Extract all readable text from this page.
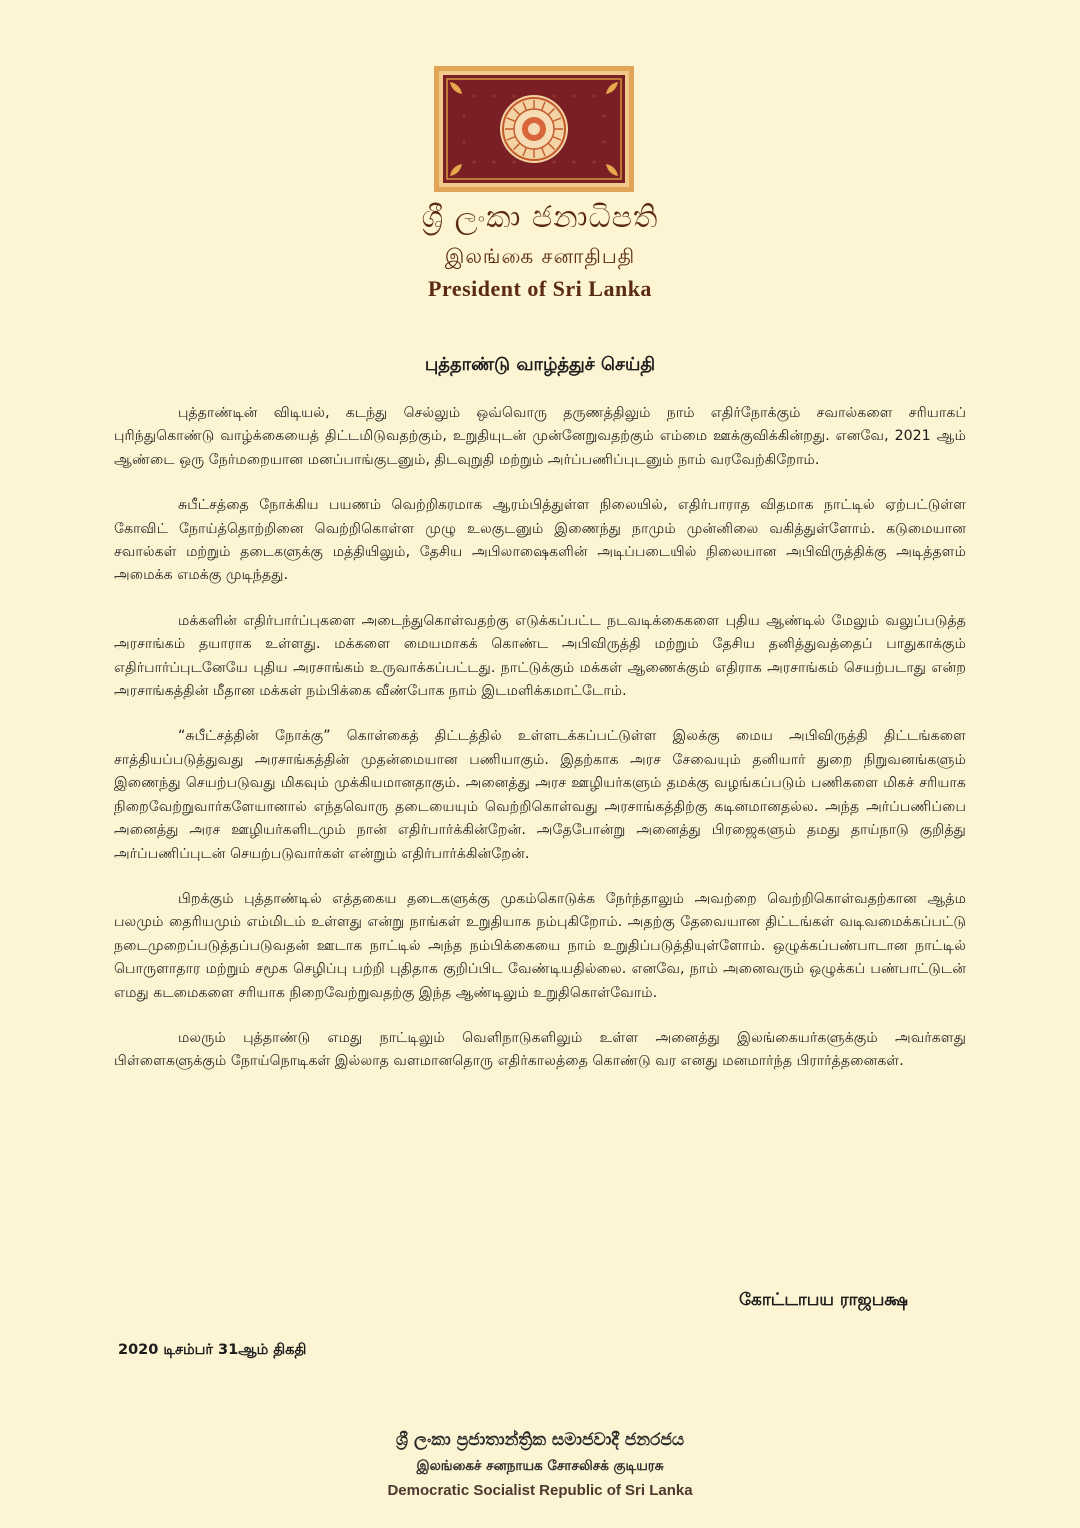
ශ්‍රී ලංකා ජනාධිපති
இலங்கை சனாதிபதி
President of Sri Lanka
புத்தாண்டு வாழ்த்துச் செய்தி

புத்தாண்டின் விடியல், கடந்து செல்லும் ஒவ்வொரு தருணத்திலும் நாம் எதிர்நோக்கும் சவால்களை சரியாகப் புரிந்துகொண்டு வாழ்க்கையைத் திட்டமிடுவதற்கும், உறுதியுடன் முன்னேறுவதற்கும் எம்மை ஊக்குவிக்கின்றது. எனவே, 2021 ஆம் ஆண்டை ஒரு நேர்மறையான மனப்பாங்குடனும், திடவுறுதி மற்றும் அர்ப்பணிப்புடனும் நாம் வரவேற்கிறோம்.

சுபீட்சத்தை நோக்கிய பயணம் வெற்றிகரமாக ஆரம்பித்துள்ள நிலையில், எதிர்பாராத விதமாக நாட்டில் ஏற்பட்டுள்ள கோவிட் நோய்த்தொற்றினை வெற்றிகொள்ள முழு உலகுடனும் இணைந்து நாமும் முன்னிலை வகித்துள்ளோம். கடுமையான சவால்கள் மற்றும் தடைகளுக்கு மத்தியிலும், தேசிய அபிலாஷைகளின் அடிப்படையில் நிலையான அபிவிருத்திக்கு அடித்தளம் அமைக்க எமக்கு முடிந்தது.

மக்களின் எதிர்பார்ப்புகளை அடைந்துகொள்வதற்கு எடுக்கப்பட்ட நடவடிக்கைகளை புதிய ஆண்டில் மேலும் வலுப்படுத்த அரசாங்கம் தயாராக உள்ளது. மக்களை மையமாகக் கொண்ட அபிவிருத்தி மற்றும் தேசிய தனித்துவத்தைப் பாதுகாக்கும் எதிர்பார்ப்புடனேயே புதிய அரசாங்கம் உருவாக்கப்பட்டது. நாட்டுக்கும் மக்கள் ஆணைக்கும் எதிராக அரசாங்கம் செயற்படாது என்ற அரசாங்கத்தின் மீதான மக்கள் நம்பிக்கை வீண்போக நாம் இடமளிக்கமாட்டோம்.

“சுபீட்சத்தின் நோக்கு” கொள்கைத் திட்டத்தில் உள்ளடக்கப்பட்டுள்ள இலக்கு மைய அபிவிருத்தி திட்டங்களை சாத்தியப்படுத்துவது அரசாங்கத்தின் முதன்மையான பணியாகும். இதற்காக அரச சேவையும் தனியார் துறை நிறுவனங்களும் இணைந்து செயற்படுவது மிகவும் முக்கியமானதாகும். அனைத்து அரச ஊழியர்களும் தமக்கு வழங்கப்படும் பணிகளை மிகச் சரியாக நிறைவேற்றுவார்களேயானால் எந்தவொரு தடையையும் வெற்றிகொள்வது அரசாங்கத்திற்கு கடினமானதல்ல. அந்த அர்ப்பணிப்பை அனைத்து அரச ஊழியர்களிடமும் நான் எதிர்பார்க்கின்றேன். அதேபோன்று அனைத்து பிரஜைகளும் தமது தாய்நாடு குறித்து அர்ப்பணிப்புடன் செயற்படுவார்கள் என்றும் எதிர்பார்க்கின்றேன்.

பிறக்கும் புத்தாண்டில் எத்தகைய தடைகளுக்கு முகம்கொடுக்க நேர்ந்தாலும் அவற்றை வெற்றிகொள்வதற்கான ஆத்ம பலமும் தைரியமும் எம்மிடம் உள்ளது என்று நாங்கள் உறுதியாக நம்புகிறோம். அதற்கு தேவையான திட்டங்கள் வடிவமைக்கப்பட்டு நடைமுறைப்படுத்தப்படுவதன் ஊடாக நாட்டில் அந்த நம்பிக்கையை நாம் உறுதிப்படுத்தியுள்ளோம். ஒழுக்கப்பண்பாடான நாட்டில் பொருளாதார மற்றும் சமூக செழிப்பு பற்றி புதிதாக குறிப்பிட வேண்டியதில்லை. எனவே, நாம் அனைவரும் ஒழுக்கப் பண்பாட்டுடன் எமது கடமைகளை சரியாக நிறைவேற்றுவதற்கு இந்த ஆண்டிலும் உறுதிகொள்வோம்.

மலரும் புத்தாண்டு எமது நாட்டிலும் வெளிநாடுகளிலும் உள்ள அனைத்து இலங்கையர்களுக்கும் அவர்களது பிள்ளைகளுக்கும் நோய்நொடிகள் இல்லாத வளமானதொரு எதிர்காலத்தை கொண்டு வர எனது மனமார்ந்த பிரார்த்தனைகள்.

கோட்டாபய ராஜபக்ஷ
2020 டிசம்பர் 31ஆம் திகதி
ශ්‍රී ලංකා ප්‍රජාතාන්ත්‍රික සමාජවාදී ජනරජය
இலங்கைச் சனநாயக சோசலிசக் குடியரசு
Democratic Socialist Republic of Sri Lanka
